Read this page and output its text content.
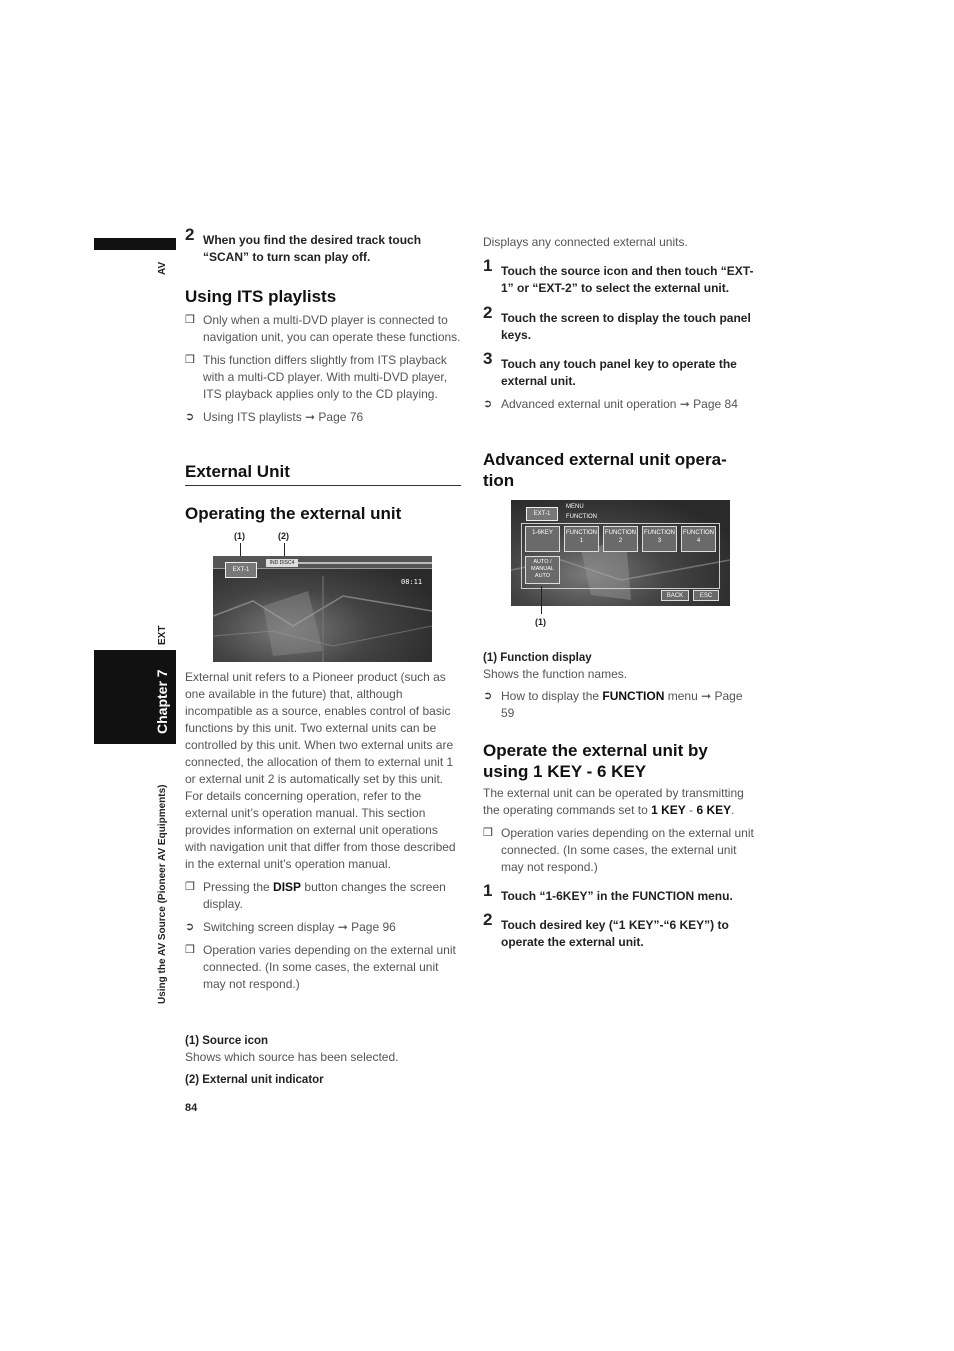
AV
EXT
Chapter 7
Using the AV Source (Pioneer AV Equipments)
2 When you find the desired track touch “SCAN” to turn scan play off.
Using ITS playlists

❒ Only when a multi-DVD player is connected to navigation unit, you can operate these functions.

❒ This function differs slightly from ITS playback with a multi-CD player. With multi-DVD player, ITS playback applies only to the CD playing.

➲ Using ITS playlists ➞ Page 76

External Unit
Operating the external unit
(1)	(2)
EXT-1
IND DISC4
08:11

External unit refers to a Pioneer product (such as one available in the future) that, although incompatible as a source, enables control of basic functions by this unit. Two external units can be controlled by this unit. When two external units are connected, the allocation of them to external unit 1 or external unit 2 is automatically set by this unit.

For details concerning operation, refer to the external unit’s operation manual. This section provides information on external unit operations with navigation unit that differ from those described in the external unit’s operation manual.

❒ Pressing the DISP button changes the screen display.

➲ Switching screen display ➞ Page 96

❒ Operation varies depending on the external unit connected. (In some cases, the external unit may not respond.)

(1) Source icon

Shows which source has been selected.

(2) External unit indicator

84
Displays any connected external units.
1 Touch the source icon and then touch “EXT-1” or “EXT-2” to select the external unit.
2 Touch the screen to display the touch panel keys.
3 Touch any touch panel key to operate the external unit.

➲ Advanced external unit operation ➞ Page 84

Advanced external unit opera-
tion
EXT-1
MENU
FUNCTION
1-6KEY	FUNCTION 1
FUNCTION 2
FUNCTION 3
FUNCTION 4
AUTO / MANUAL AUTO
BACK	ESC
(1)

(1) Function display

Shows the function names.

➲ How to display the FUNCTION menu ➞ Page 59

Operate the external unit by
using 1 KEY - 6 KEY

The external unit can be operated by transmitting the operating commands set to 1 KEY - 6 KEY.

❒ Operation varies depending on the external unit connected. (In some cases, the external unit may not respond.)

1 Touch “1-6KEY” in the FUNCTION menu.
2 Touch desired key (“1 KEY”-“6 KEY”) to operate the external unit.
